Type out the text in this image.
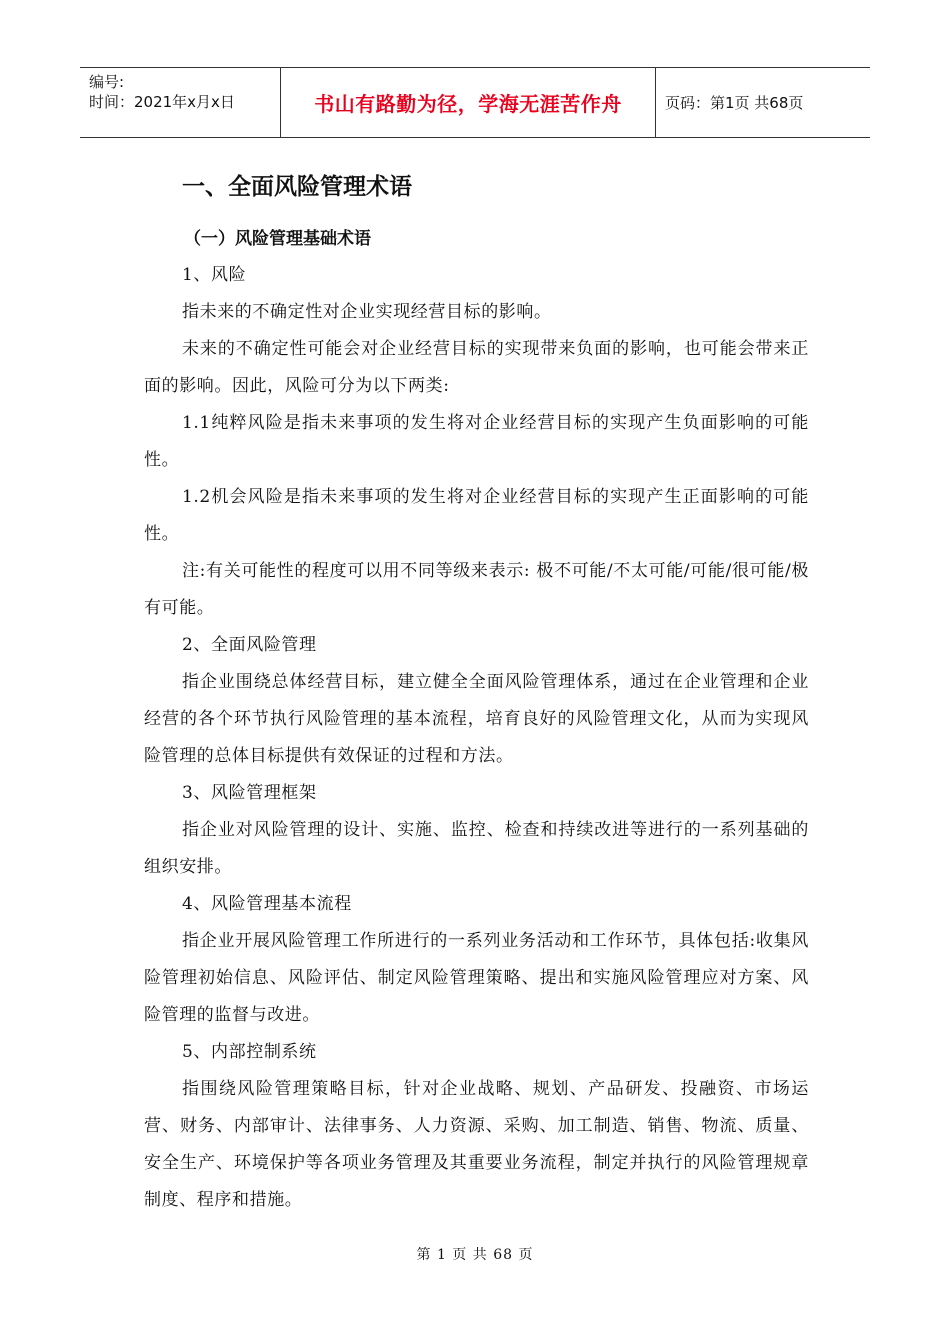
编号:
时间：2021年x月x日	书山有路勤为径，学海无涯苦作舟	页码：第1页 共68页
一、全面风险管理术语
（一）风险管理基础术语

1、风险

指未来的不确定性对企业实现经营目标的影响。

未来的不确定性可能会对企业经营目标的实现带来负面的影响，也可能会带来正面的影响。因此，风险可分为以下两类:

1.1纯粹风险是指未来事项的发生将对企业经营目标的实现产生负面影响的可能性。

1.2机会风险是指未来事项的发生将对企业经营目标的实现产生正面影响的可能性。

注:有关可能性的程度可以用不同等级来表示: 极不可能/不太可能/可能/很可能/极有可能。

2、全面风险管理

指企业围绕总体经营目标，建立健全全面风险管理体系，通过在企业管理和企业经营的各个环节执行风险管理的基本流程，培育良好的风险管理文化，从而为实现风险管理的总体目标提供有效保证的过程和方法。

3、风险管理框架

指企业对风险管理的设计、实施、监控、检查和持续改进等进行的一系列基础的组织安排。

4、风险管理基本流程

指企业开展风险管理工作所进行的一系列业务活动和工作环节，具体包括:收集风险管理初始信息、风险评估、制定风险管理策略、提出和实施风险管理应对方案、风险管理的监督与改进。

5、内部控制系统

指围绕风险管理策略目标，针对企业战略、规划、产品研发、投融资、市场运营、财务、内部审计、法律事务、人力资源、采购、加工制造、销售、物流、质量、安全生产、环境保护等各项业务管理及其重要业务流程，制定并执行的风险管理规章制度、程序和措施。

第 1 页 共 68 页
